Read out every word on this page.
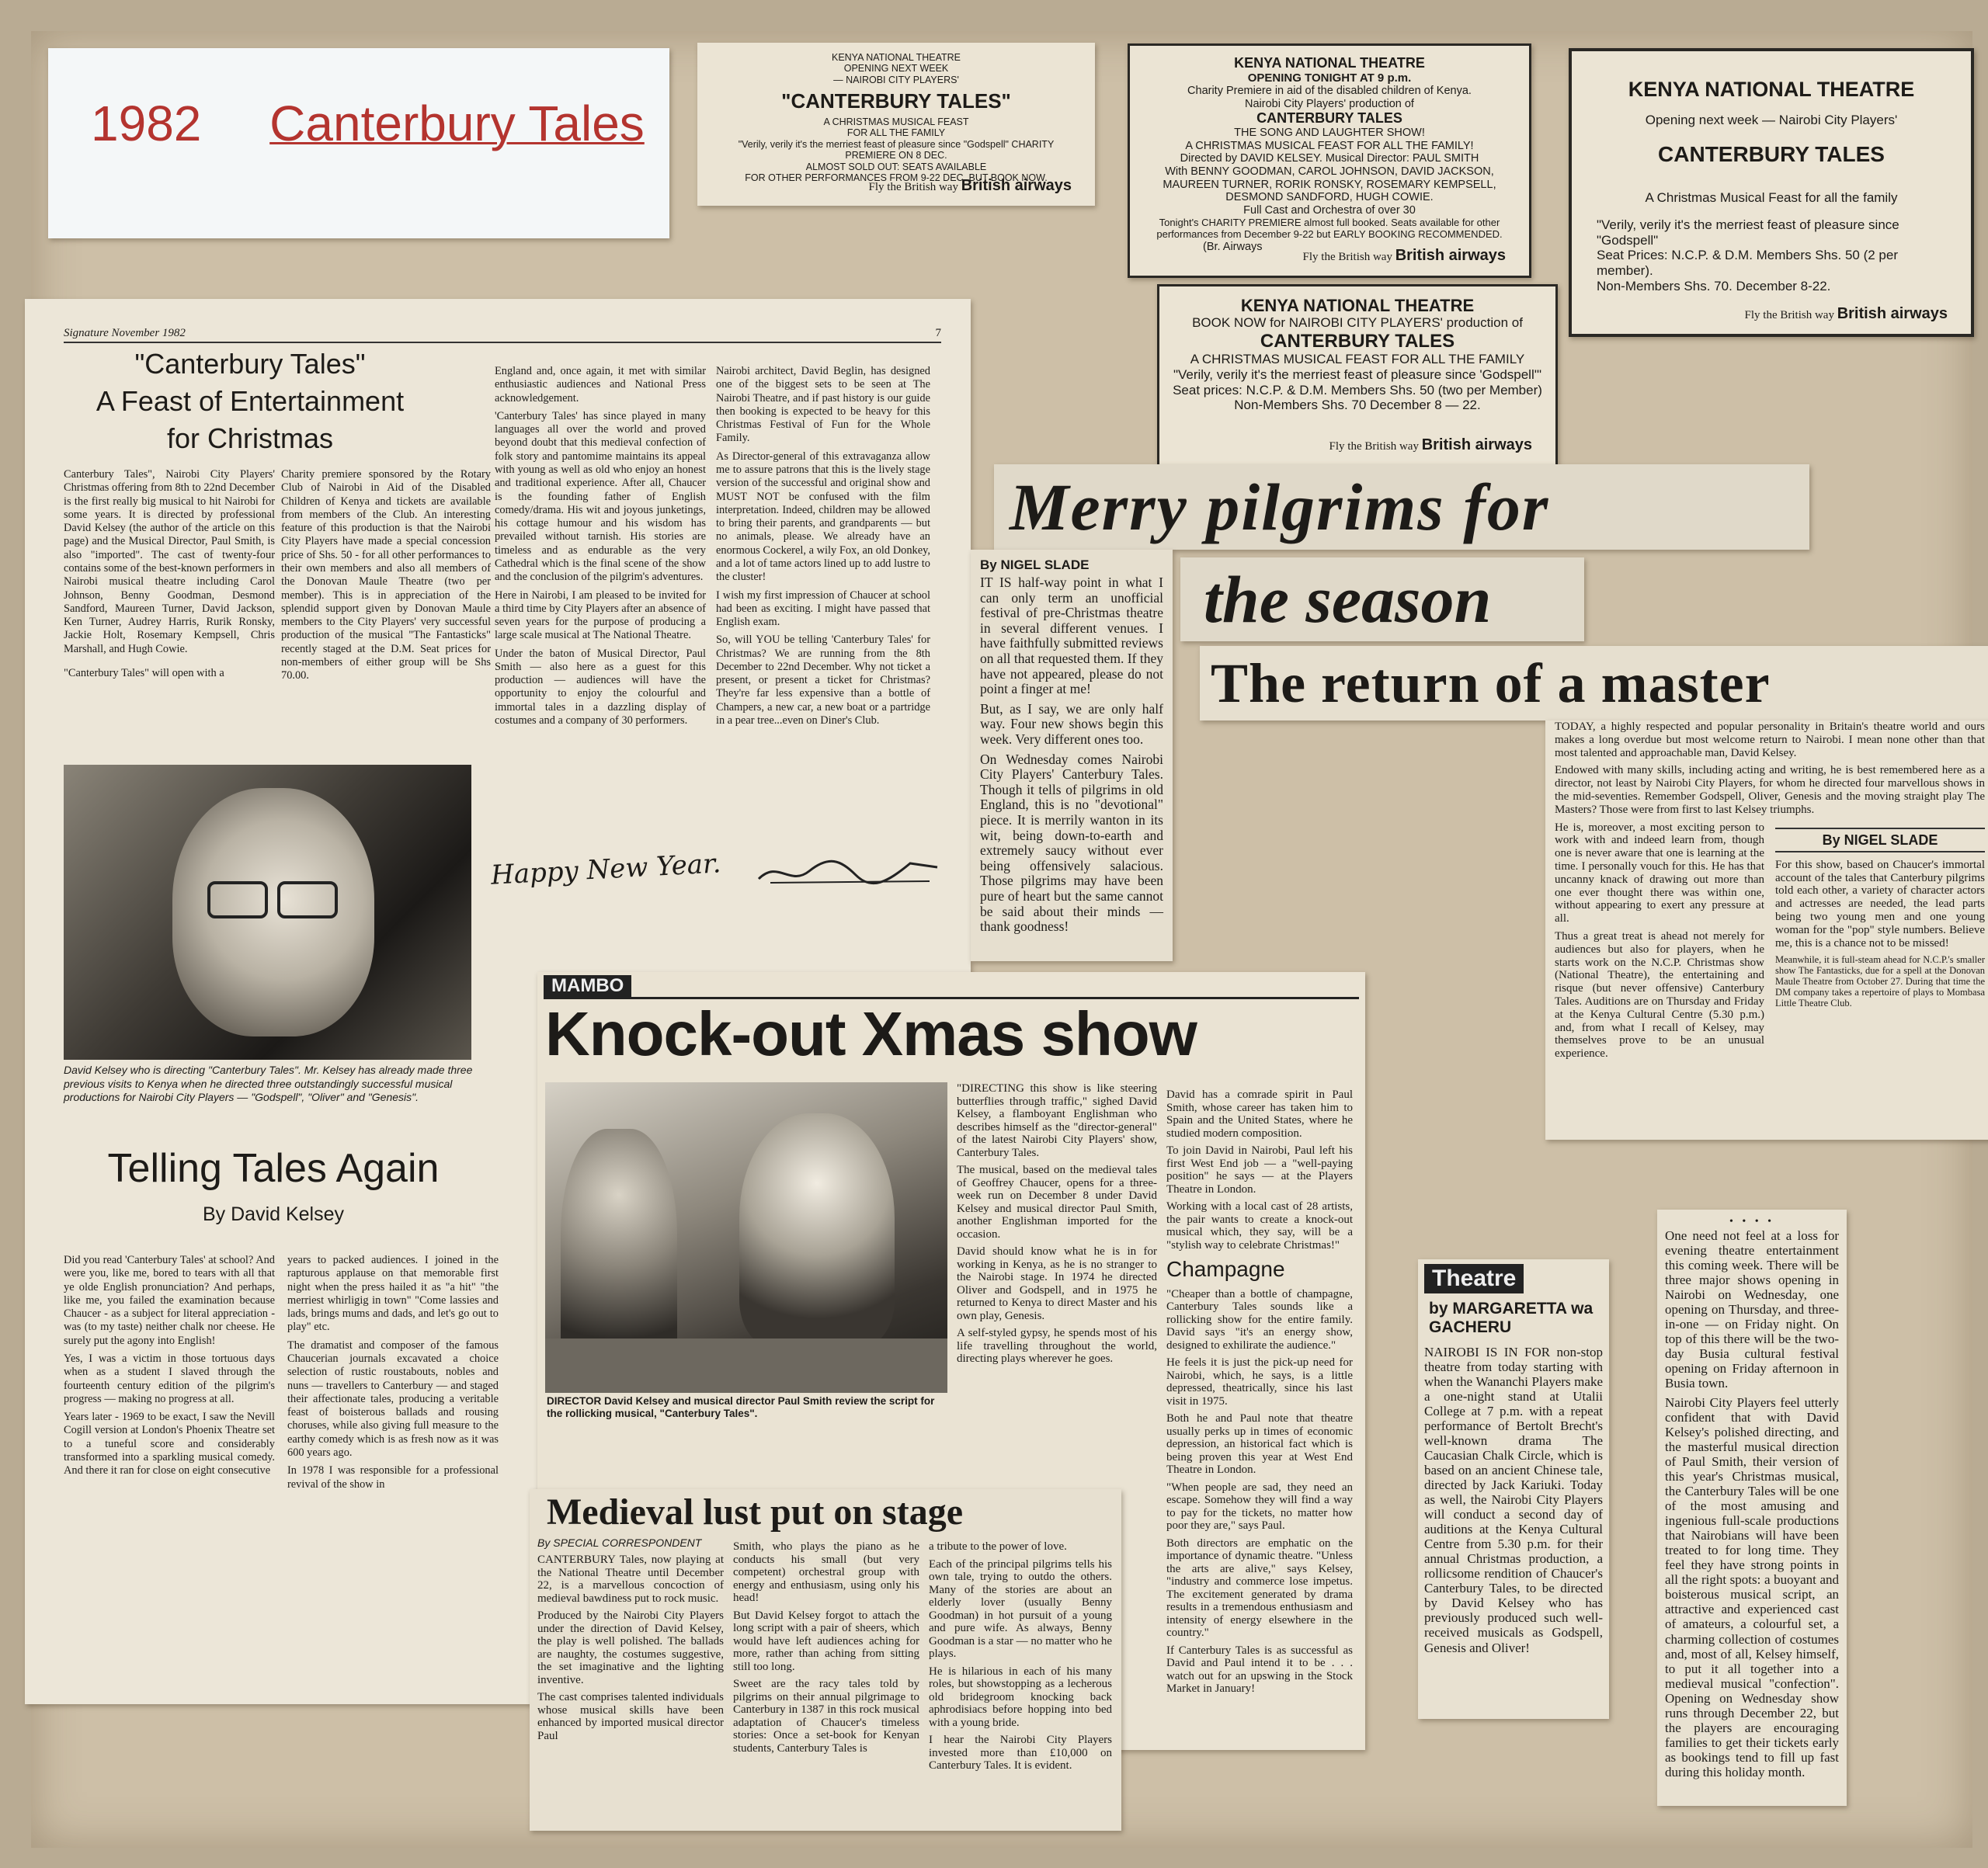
1982 Canterbury Tales
KENYA NATIONAL THEATRE
OPENING NEXT WEEK
— NAIROBI CITY PLAYERS'
"CANTERBURY TALES"
A CHRISTMAS MUSICAL FEAST
FOR ALL THE FAMILY
"Verily, verily it's the merriest feast of pleasure since "Godspell" CHARITY
PREMIERE ON 8 DEC.
ALMOST SOLD OUT: SEATS AVAILABLE
FOR OTHER PERFORMANCES FROM 9-22 DEC. BUT BOOK NOW.
Fly the British way British airways
KENYA NATIONAL THEATRE
OPENING TONIGHT AT 9 p.m.
Charity Premiere in aid of the disabled children of Kenya.
Nairobi City Players' production of
CANTERBURY TALES
THE SONG AND LAUGHTER SHOW!
A CHRISTMAS MUSICAL FEAST FOR ALL THE FAMILY!
Directed by DAVID KELSEY. Musical Director: PAUL SMITH
With BENNY GOODMAN, CAROL JOHNSON, DAVID JACKSON,
MAUREEN TURNER, RORIK RONSKY, ROSEMARY KEMPSELL,
DESMOND SANDFORD, HUGH COWIE.
Full Cast and Orchestra of over 30
Tonight's CHARITY PREMIERE almost full booked. Seats available for other performances from December 9-22 but EARLY BOOKING RECOMMENDED.
(Br. Airways
Fly the British way British airways
KENYA NATIONAL THEATRE
Opening next week — Nairobi City Players'
CANTERBURY TALES
A Christmas Musical Feast for all the family
"Verily, verily it's the merriest feast of pleasure since "Godspell"
Seat Prices: N.C.P. & D.M. Members Shs. 50 (2 per member).
Non-Members Shs. 70. December 8-22.
Fly the British way British airways
KENYA NATIONAL THEATRE
BOOK NOW for NAIROBI CITY PLAYERS' production of
CANTERBURY TALES
A CHRISTMAS MUSICAL FEAST FOR ALL THE FAMILY
"Verily, verily it's the merriest feast of pleasure since 'Godspell'"
Seat prices: N.C.P. & D.M. Members Shs. 50 (two per Member)
Non-Members Shs. 70 December 8 — 22.
Fly the British way British airways
Signature November 1982	7
"Canterbury Tales"
A Feast of Entertainment
for Christmas

Canterbury Tales", Nairobi City Players' Christmas offering from 8th to 22nd December is the first really big musical to hit Nairobi for some years. It is directed by professional David Kelsey (the author of the article on this page) and the Musical Director, Paul Smith, is also "imported". The cast of twenty-four contains some of the best-known performers in Nairobi musical theatre including Carol Johnson, Benny Goodman, Desmond Sandford, Maureen Turner, David Jackson, Ken Turner, Audrey Harris, Rurik Ronsky, Jackie Holt, Rosemary Kempsell, Chris Marshall, and Hugh Cowie.

"Canterbury Tales" will open with a

Charity premiere sponsored by the Rotary Club of Nairobi in Aid of the Disabled Children of Kenya and tickets are available from members of the Club. An interesting feature of this production is that the Nairobi City Players have made a special concession price of Shs. 50 - for all other performances to their own members and also all members of the Donovan Maule Theatre (two per member). This is in appreciation of the splendid support given by Donovan Maule members to the City Players' very successful production of the musical "The Fantasticks" recently staged at the D.M. Seat prices for non-members of either group will be Shs 70.00.

David Kelsey who is directing "Canterbury Tales". Mr. Kelsey has already made three previous visits to Kenya when he directed three outstandingly successful musical productions for Nairobi City Players — "Godspell", "Oliver" and "Genesis".
Telling Tales Again
By David Kelsey

Did you read 'Canterbury Tales' at school? And were you, like me, bored to tears with all that ye olde English pronunciation? And perhaps, like me, you failed the examination because Chaucer - as a subject for literal appreciation - was (to my taste) neither chalk nor cheese. He surely put the agony into English!

Yes, I was a victim in those tortuous days when as a student I slaved through the fourteenth century edition of the pilgrim's progress — making no progress at all.

Years later - 1969 to be exact, I saw the Nevill Cogill version at London's Phoenix Theatre set to a tuneful score and considerably transformed into a sparkling musical comedy. And there it ran for close on eight consecutive

years to packed audiences. I joined in the rapturous applause on that memorable first night when the press hailed it as "a hit" "the merriest whirligig in town" "Come lassies and lads, brings mums and dads, and let's go out to play" etc.

The dramatist and composer of the famous Chaucerian journals excavated a choice selection of rustic roustabouts, nobles and nuns — travellers to Canterbury — and staged their affectionate tales, producing a veritable feast of boisterous ballads and rousing choruses, while also giving full measure to the earthy comedy which is as fresh now as it was 600 years ago.

In 1978 I was responsible for a professional revival of the show in

England and, once again, it met with similar enthusiastic audiences and National Press acknowledgement.

'Canterbury Tales' has since played in many languages all over the world and proved beyond doubt that this medieval confection of folk story and pantomime maintains its appeal with young as well as old who enjoy an honest and traditional experience. After all, Chaucer is the founding father of English comedy/drama. His wit and joyous junketings, his cottage humour and his wisdom has prevailed without tarnish. His stories are timeless and as endurable as the very Cathedral which is the final scene of the show and the conclusion of the pilgrim's adventures.

Here in Nairobi, I am pleased to be invited for a third time by City Players after an absence of seven years for the purpose of producing a large scale musical at The National Theatre.

Under the baton of Musical Director, Paul Smith — also here as a guest for this production — audiences will have the opportunity to enjoy the colourful and immortal tales in a dazzling display of costumes and a company of 30 performers.

Nairobi architect, David Beglin, has designed one of the biggest sets to be seen at The Nairobi Theatre, and if past history is our guide then booking is expected to be heavy for this Christmas Festival of Fun for the Whole Family.

As Director-general of this extravaganza allow me to assure patrons that this is the lively stage version of the successful and original show and MUST NOT be confused with the film interpretation. Indeed, children may be allowed to bring their parents, and grandparents — but no animals, please. We already have an enormous Cockerel, a wily Fox, an old Donkey, and a lot of tame actors lined up to add lustre to the cluster!

I wish my first impression of Chaucer at school had been as exciting. I might have passed that English exam.

So, will YOU be telling 'Canterbury Tales' for Christmas? We are running from the 8th December to 22nd December. Why not ticket a present, or present a ticket for Christmas? They're far less expensive than a bottle of Champers, a new car, a new boat or a partridge in a pear tree...even on Diner's Club.

Happy New Year.
Merry pilgrims for
By NIGEL SLADE

IT IS half-way point in what I can only term an unofficial festival of pre-Christmas theatre in several different venues. I have faithfully submitted reviews on all that requested them. If they have not appeared, please do not point a finger at me!

But, as I say, we are only half way. Four new shows begin this week. Very different ones too.

On Wednesday comes Nairobi City Players' Canterbury Tales. Though it tells of pilgrims in old England, this is no "devotional" piece. It is merrily wanton in its wit, being down-to-earth and extremely saucy without ever being offensively salacious. Those pilgrims may have been pure of heart but the same cannot be said about their minds — thank goodness!

the season
The return of a master

TODAY, a highly respected and popular personality in Britain's theatre world and ours makes a long overdue but most welcome return to Nairobi. I mean none other than that most talented and approachable man, David Kelsey.

Endowed with many skills, including acting and writing, he is best remembered here as a director, not least by Nairobi City Players, for whom he directed four marvellous shows in the mid-seventies. Remember Godspell, Oliver, Genesis and the moving straight play The Masters? Those were from first to last Kelsey triumphs.

He is, moreover, a most exciting person to work with and indeed learn from, though one is never aware that one is learning at the time. I personally vouch for this. He has that uncanny knack of drawing out more than one ever thought there was within one, without appearing to exert any pressure at all.

Thus a great treat is ahead not merely for audiences but also for players, when he starts work on the N.C.P. Christmas show (National Theatre), the entertaining and risque (but never offensive) Canterbury Tales. Auditions are on Thursday and Friday at the Kenya Cultural Centre (5.30 p.m.) and, from what I recall of Kelsey, may themselves prove to be an unusual experience.

By NIGEL SLADE

For this show, based on Chaucer's immortal account of the tales that Canterbury pilgrims told each other, a variety of character actors and actresses are needed, the lead parts being two young men and one young woman for the "pop" style numbers. Believe me, this is a chance not to be missed!

Meanwhile, it is full-steam ahead for N.C.P.'s smaller show The Fantasticks, due for a spell at the Donovan Maule Theatre from October 27. During that time the DM company takes a repertoire of plays to Mombasa Little Theatre Club.

MAMBO
Knock-out Xmas show
DIRECTOR David Kelsey and musical director Paul Smith review the script for the rollicking musical, "Canterbury Tales".

"DIRECTING this show is like steering butterflies through traffic," sighed David Kelsey, a flamboyant Englishman who describes himself as the "director-general" of the latest Nairobi City Players' show, Canterbury Tales.

The musical, based on the medieval tales of Geoffrey Chaucer, opens for a three-week run on December 8 under David Kelsey and musical director Paul Smith, another Englishman imported for the occasion.

David should know what he is in for working in Kenya, as he is no stranger to the Nairobi stage. In 1974 he directed Oliver and Godspell, and in 1975 he returned to Kenya to direct Master and his own play, Genesis.

A self-styled gypsy, he spends most of his life travelling throughout the world, directing plays wherever he goes.

David has a comrade spirit in Paul Smith, whose career has taken him to Spain and the United States, where he studied modern composition.

To join David in Nairobi, Paul left his first West End job — a "well-paying position" he says — at the Players Theatre in London.

Working with a local cast of 28 artists, the pair wants to create a knock-out musical which, they say, will be a "stylish way to celebrate Christmas!"

Champagne

"Cheaper than a bottle of champagne, Canterbury Tales sounds like a rollicking show for the entire family. David says "it's an energy show, designed to exhilirate the audience."

He feels it is just the pick-up need for Nairobi, which, he says, is a little depressed, theatrically, since his last visit in 1975.

Both he and Paul note that theatre usually perks up in times of economic depression, an historical fact which is being proven this year at West End Theatre in London.

"When people are sad, they need an escape. Somehow they will find a way to pay for the tickets, no matter how poor they are," says Paul.

Both directors are emphatic on the importance of dynamic theatre. "Unless the arts are alive," says Kelsey, "industry and commerce lose impetus. The excitement generated by drama results in a tremendous enthusiasm and intensity of energy elsewhere in the country."

If Canterbury Tales is as successful as David and Paul intend it to be . . . watch out for an upswing in the Stock Market in January!

Medieval lust put on stage
By SPECIAL CORRESPONDENT

CANTERBURY Tales, now playing at the National Theatre until December 22, is a marvellous concoction of medieval bawdiness put to rock music.

Produced by the Nairobi City Players under the direction of David Kelsey, the play is well polished. The ballads are naughty, the costumes suggestive, the set imaginative and the lighting inventive.

The cast comprises talented individuals whose musical skills have been enhanced by imported musical director Paul

Smith, who plays the piano as he conducts his small (but very competent) orchestral group with energy and enthusiasm, using only his head!

But David Kelsey forgot to attach the long script with a pair of sheers, which would have left audiences aching for more, rather than aching from sitting still too long.

Sweet are the racy tales told by pilgrims on their annual pilgrimage to Canterbury in 1387 in this rock musical adaptation of Chaucer's timeless stories: Once a set-book for Kenyan students, Canterbury Tales is

a tribute to the power of love.

Each of the principal pilgrims tells his own tale, trying to outdo the others. Many of the stories are about an elderly lover (usually Benny Goodman) in hot pursuit of a young and pure wife. As always, Benny Goodman is a star — no matter who he plays.

He is hilarious in each of his many roles, but showstopping as a lecherous old bridegroom knocking back aphrodisiacs before hopping into bed with a young bride.

I hear the Nairobi City Players invested more than £10,000 on Canterbury Tales. It is evident.

Theatre
by MARGARETTA wa GACHERU

NAIROBI IS IN FOR non-stop theatre from today starting with when the Wananchi Players make a one-night stand at Utalii College at 7 p.m. with a repeat performance of Bertolt Brecht's well-known drama The Caucasian Chalk Circle, which is based on an ancient Chinese tale, directed by Jack Kariuki. Today as well, the Nairobi City Players will conduct a second day of auditions at the Kenya Cultural Centre from 5.30 p.m. for their annual Christmas production, a rollicsome rendition of Chaucer's Canterbury Tales, to be directed by David Kelsey who has previously produced such well-received musicals as Godspell, Genesis and Oliver!

• • • •

One need not feel at a loss for evening theatre entertainment this coming week. There will be three major shows opening in Nairobi on Wednesday, one opening on Thursday, and three-in-one — on Friday night. On top of this there will be the two-day Busia cultural festival opening on Friday afternoon in Busia town.

Nairobi City Players feel utterly confident that with David Kelsey's polished directing, and the masterful musical direction of Paul Smith, their version of this year's Christmas musical, the Canterbury Tales will be one of the most amusing and ingenious full-scale productions that Nairobians will have been treated to for long time. They feel they have strong points in all the right spots: a buoyant and boisterous musical script, an attractive and experienced cast of amateurs, a colourful set, a charming collection of costumes and, most of all, Kelsey himself, to put it all together into a medieval musical "confection". Opening on Wednesday show runs through December 22, but the players are encouraging families to get their tickets early as bookings tend to fill up fast during this holiday month.
